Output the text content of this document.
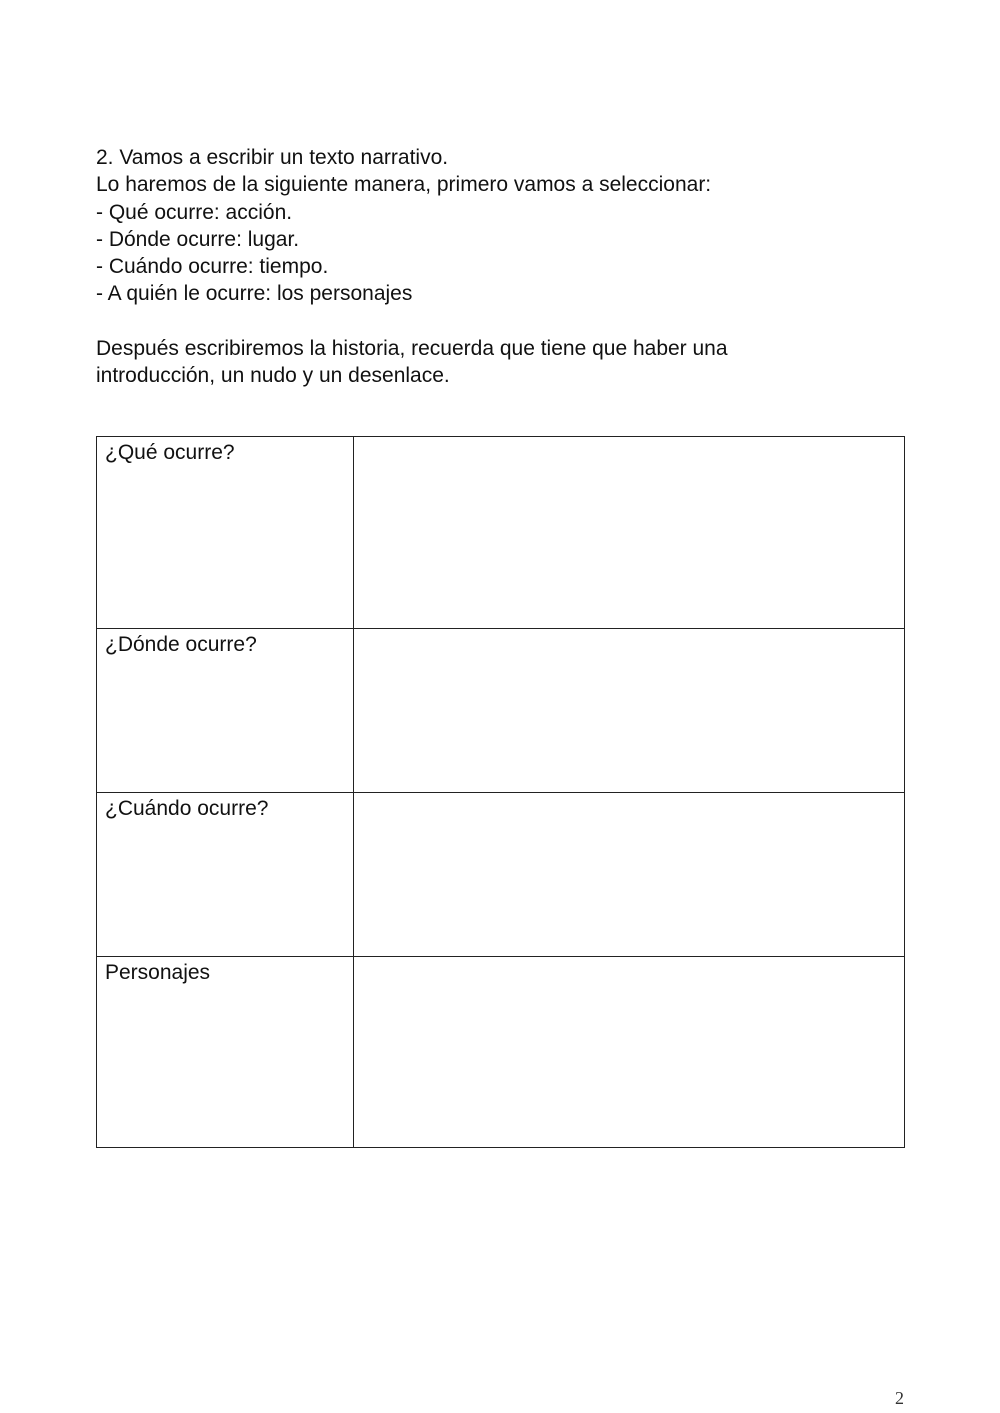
2. Vamos a escribir un texto narrativo.

Lo haremos de la siguiente manera, primero vamos a seleccionar:

- Qué ocurre: acción.

- Dónde ocurre: lugar.

- Cuándo ocurre: tiempo.

- A quién le ocurre: los personajes

Después escribiremos la historia, recuerda que tiene que haber una

introducción, un nudo y un desenlace.

¿Qué ocurre?	

¿Dónde ocurre?	

¿Cuándo ocurre?	

Personajes	
2
